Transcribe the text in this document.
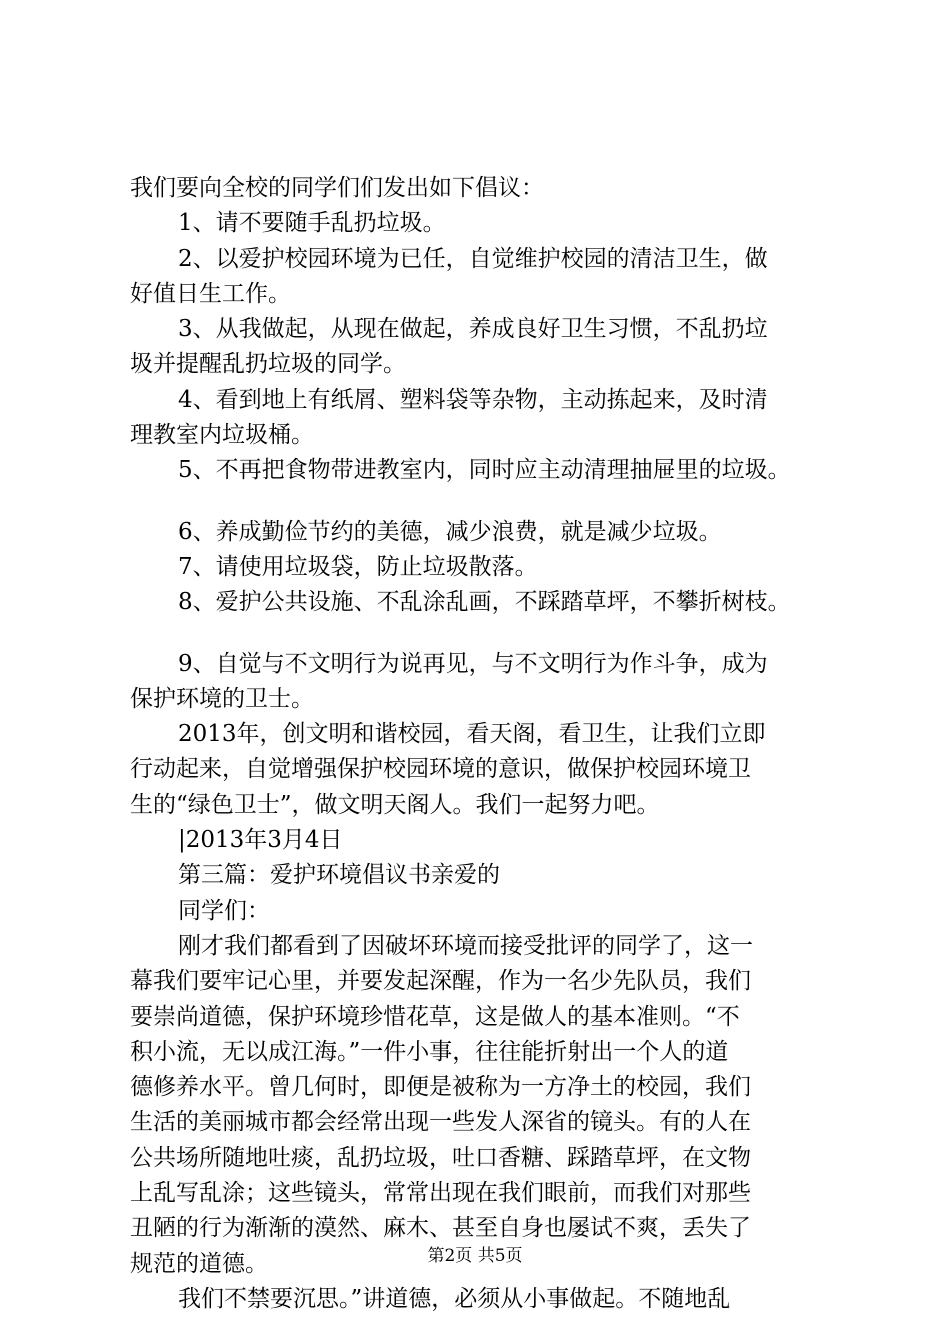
我们要向全校的同学们们发出如下倡议：
1、请不要随手乱扔垃圾。
2、以爱护校园环境为已任，自觉维护校园的清洁卫生，做
好值日生工作。
3、从我做起，从现在做起，养成良好卫生习惯，不乱扔垃
圾并提醒乱扔垃圾的同学。
4、看到地上有纸屑、塑料袋等杂物，主动拣起来，及时清
理教室内垃圾桶。
5、不再把食物带进教室内，同时应主动清理抽屉里的垃圾。
6、养成勤俭节约的美德，减少浪费，就是减少垃圾。
7、请使用垃圾袋，防止垃圾散落。
8、爱护公共设施、不乱涂乱画，不踩踏草坪，不攀折树枝。
9、自觉与不文明行为说再见，与不文明行为作斗争，成为
保护环境的卫士。
2013年，创文明和谐校园，看天阁，看卫生，让我们立即
行动起来，自觉增强保护校园环境的意识，做保护校园环境卫
生的“绿色卫士”，做文明天阁人。我们一起努力吧。
|2013年3月4日
第三篇：爱护环境倡议书亲爱的
同学们：
刚才我们都看到了因破坏环境而接受批评的同学了，这一
幕我们要牢记心里，并要发起深醒，作为一名少先队员，我们
要崇尚道德，保护环境珍惜花草，这是做人的基本准则。“不
积小流，无以成江海。”一件小事，往往能折射出一个人的道
德修养水平。曾几何时，即便是被称为一方净土的校园，我们
生活的美丽城市都会经常出现一些发人深省的镜头。有的人在
公共场所随地吐痰，乱扔垃圾，吐口香糖、踩踏草坪，在文物
上乱写乱涂；这些镜头，常常出现在我们眼前，而我们对那些
丑陋的行为渐渐的漠然、麻木、甚至自身也屡试不爽，丢失了
规范的道德。
我们不禁要沉思。”讲道德，必须从小事做起。不随地乱
第2页 共5页
